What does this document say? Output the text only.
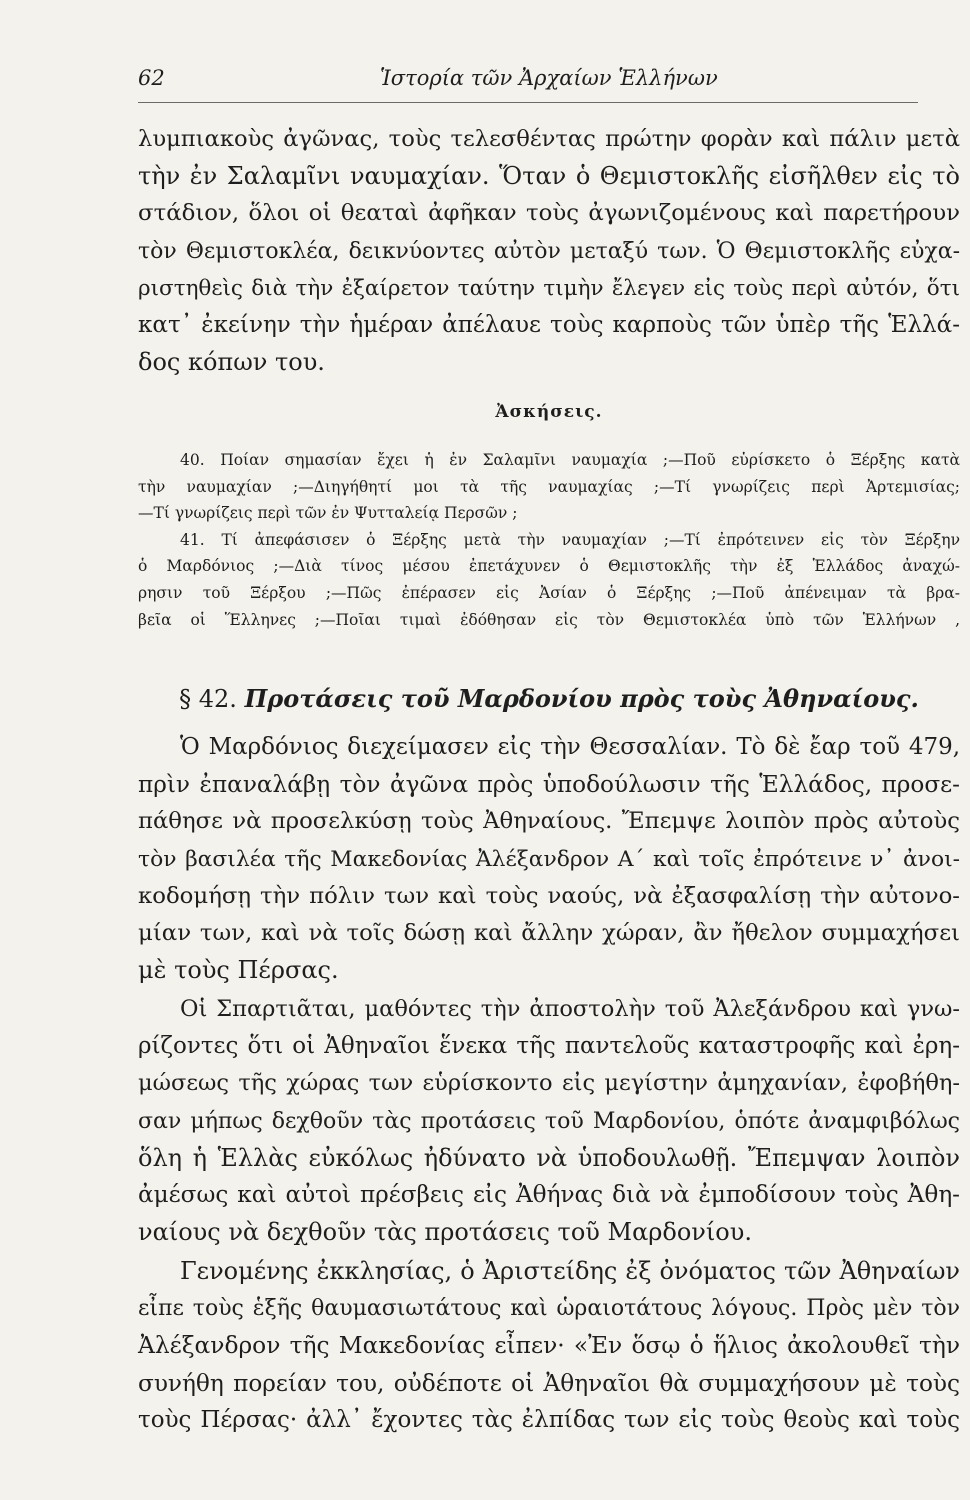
62	Ἱστορία τῶν Ἀρχαίων Ἑλλήνων
λυμπιακοὺς ἀγῶνας, τοὺς τελεσθέντας πρώτην φορὰν καὶ πάλιν μετὰ
τὴν ἐν Σαλαμῖνι ναυμαχίαν. Ὅταν ὁ Θεμιστοκλῆς εἰσῆλθεν εἰς τὸ
στάδιον, ὅλοι οἱ θεαταὶ ἀφῆκαν τοὺς ἀγωνιζομένους καὶ παρετήρουν
τὸν Θεμιστοκλέα, δεικνύοντες αὐτὸν μεταξύ των. Ὁ Θεμιστοκλῆς εὐχα-
ριστηθεὶς διὰ τὴν ἐξαίρετον ταύτην τιμὴν ἔλεγεν εἰς τοὺς περὶ αὐτόν, ὅτι
κατ᾽ ἐκείνην τὴν ἡμέραν ἀπέλαυε τοὺς καρποὺς τῶν ὑπὲρ τῆς Ἑλλά-
δος κόπων του.
Ἀσκήσεις.
40. Ποίαν σημασίαν ἔχει ἡ ἐν Σαλαμῖνι ναυμαχία ;—Ποῦ εὑρίσκετο ὁ Ξέρξης κατὰ
τὴν ναυμαχίαν ;—Διηγήθητί μοι τὰ τῆς ναυμαχίας ;—Τί γνωρίζεις περὶ Ἀρτεμισίας;
—Τί γνωρίζεις περὶ τῶν ἐν Ψυτταλείᾳ Περσῶν ;
41. Τί ἀπεφάσισεν ὁ Ξέρξης μετὰ τὴν ναυμαχίαν ;—Τί ἐπρότεινεν εἰς τὸν Ξέρξην
ὁ Μαρδόνιος ;—Διὰ τίνος μέσου ἐπετάχυνεν ὁ Θεμιστοκλῆς τὴν ἐξ Ἑλλάδος ἀναχώ-
ρησιν τοῦ Ξέρξου ;—Πῶς ἐπέρασεν εἰς Ἀσίαν ὁ Ξέρξης ;—Ποῦ ἀπένειμαν τὰ βρα-
βεῖα οἱ Ἕλληνες ;—Ποῖαι τιμαὶ ἐδόθησαν εἰς τὸν Θεμιστοκλέα ὑπὸ τῶν Ἑλλήνων ,
§ 42. Προτάσεις τοῦ Μαρδονίου πρὸς τοὺς Ἀθηναίους.
Ὁ Μαρδόνιος διεχείμασεν εἰς τὴν Θεσσαλίαν. Τὸ δὲ ἔαρ τοῦ 479,
πρὶν ἐπαναλάβῃ τὸν ἀγῶνα πρὸς ὑποδούλωσιν τῆς Ἑλλάδος, προσε-
πάθησε νὰ προσελκύσῃ τοὺς Ἀθηναίους. Ἔπεμψε λοιπὸν πρὸς αὐτοὺς
τὸν βασιλέα τῆς Μακεδονίας Ἀλέξανδρον Α΄ καὶ τοῖς ἐπρότεινε ν᾽ ἀνοι-
κοδομήσῃ τὴν πόλιν των καὶ τοὺς ναούς, νὰ ἐξασφαλίσῃ τὴν αὐτονο-
μίαν των, καὶ νὰ τοῖς δώσῃ καὶ ἄλλην χώραν, ἂν ἤθελον συμμαχήσει
μὲ τοὺς Πέρσας.
Οἱ Σπαρτιᾶται, μαθόντες τὴν ἀποστολὴν τοῦ Ἀλεξάνδρου καὶ γνω-
ρίζοντες ὅτι οἱ Ἀθηναῖοι ἕνεκα τῆς παντελοῦς καταστροφῆς καὶ ἐρη-
μώσεως τῆς χώρας των εὑρίσκοντο εἰς μεγίστην ἀμηχανίαν, ἐφοβήθη-
σαν μήπως δεχθοῦν τὰς προτάσεις τοῦ Μαρδονίου, ὁπότε ἀναμφιβόλως
ὅλη ἡ Ἑλλὰς εὐκόλως ἠδύνατο νὰ ὑποδουλωθῇ. Ἔπεμψαν λοιπὸν
ἀμέσως καὶ αὐτοὶ πρέσβεις εἰς Ἀθήνας διὰ νὰ ἐμποδίσουν τοὺς Ἀθη-
ναίους νὰ δεχθοῦν τὰς προτάσεις τοῦ Μαρδονίου.
Γενομένης ἐκκλησίας, ὁ Ἀριστείδης ἐξ ὀνόματος τῶν Ἀθηναίων
εἶπε τοὺς ἑξῆς θαυμασιωτάτους καὶ ὡραιοτάτους λόγους. Πρὸς μὲν τὸν
Ἀλέξανδρον τῆς Μακεδονίας εἶπεν· «Ἐν ὅσῳ ὁ ἥλιος ἀκολουθεῖ τὴν
συνήθη πορείαν του, οὐδέποτε οἱ Ἀθηναῖοι θὰ συμμαχήσουν μὲ τοὺς
τοὺς Πέρσας· ἀλλ᾽ ἔχοντες τὰς ἐλπίδας των εἰς τοὺς θεοὺς καὶ τοὺς
